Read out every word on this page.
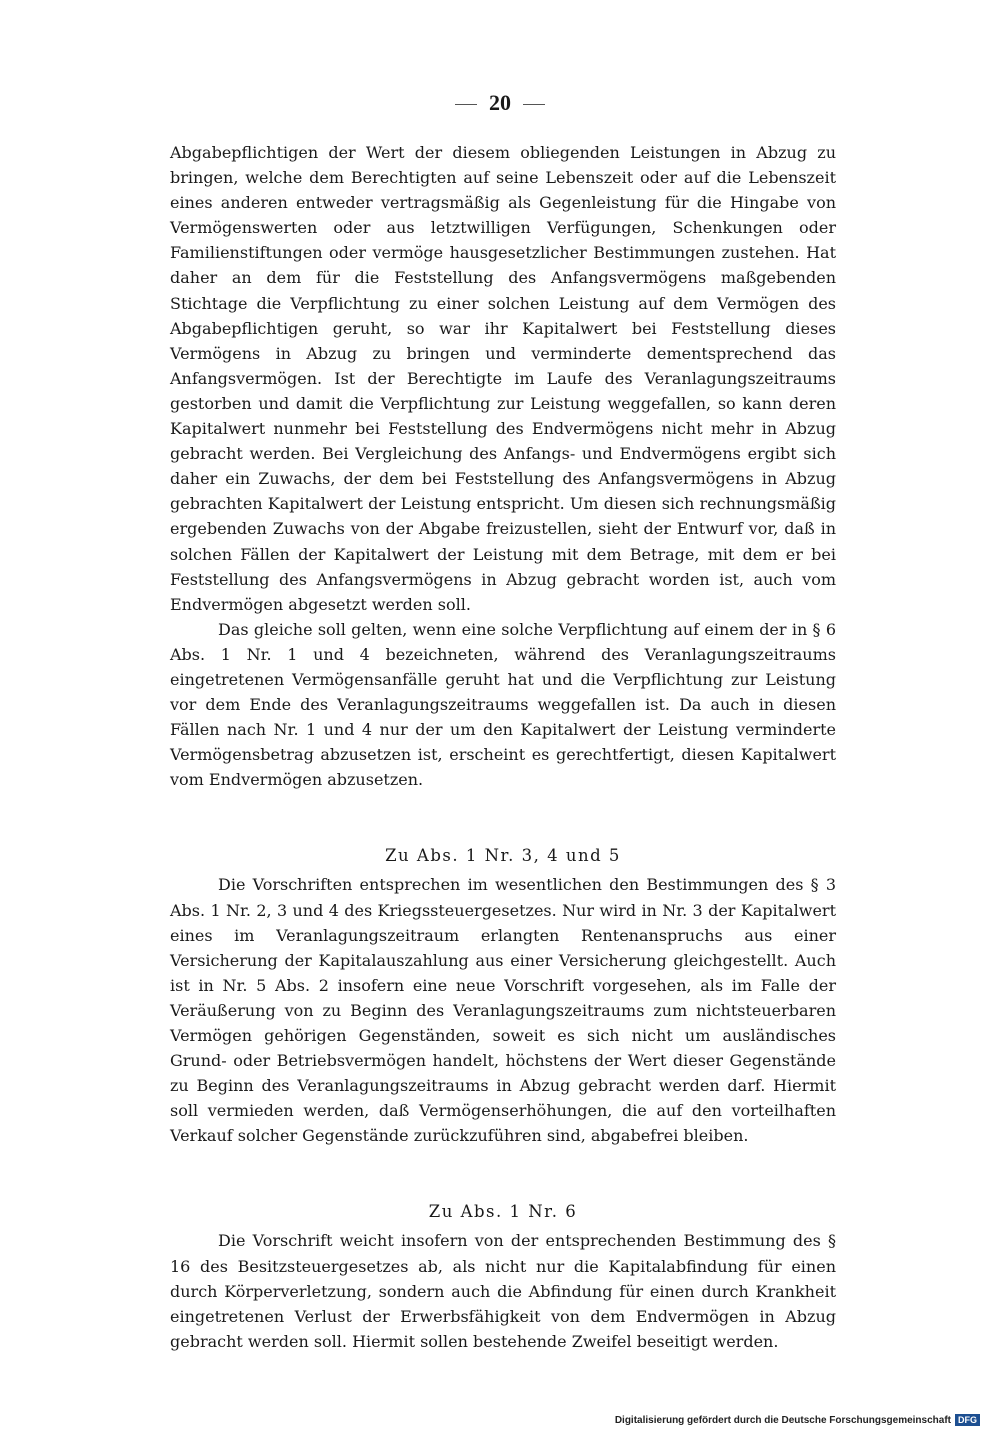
20

Abgabepflichtigen der Wert der diesem obliegenden Leistungen in Abzug zu bringen, welche dem Berechtigten auf seine Lebenszeit oder auf die Lebenszeit eines anderen entweder vertragsmäßig als Gegenleistung für die Hingabe von Vermögenswerten oder aus letztwilligen Verfügungen, Schenkungen oder Familienstiftungen oder vermöge hausgesetzlicher Bestimmungen zustehen. Hat daher an dem für die Feststellung des Anfangsvermögens maßgebenden Stichtage die Verpflichtung zu einer solchen Leistung auf dem Vermögen des Abgabepflichtigen geruht, so war ihr Kapitalwert bei Feststellung dieses Vermögens in Abzug zu bringen und verminderte dementsprechend das Anfangsvermögen. Ist der Berechtigte im Laufe des Veranlagungszeitraums gestorben und damit die Verpflichtung zur Leistung weggefallen, so kann deren Kapitalwert nunmehr bei Feststellung des Endvermögens nicht mehr in Abzug gebracht werden. Bei Vergleichung des Anfangs- und Endvermögens ergibt sich daher ein Zuwachs, der dem bei Feststellung des Anfangsvermögens in Abzug gebrachten Kapitalwert der Leistung entspricht. Um diesen sich rechnungsmäßig ergebenden Zuwachs von der Abgabe freizustellen, sieht der Entwurf vor, daß in solchen Fällen der Kapitalwert der Leistung mit dem Betrage, mit dem er bei Feststellung des Anfangsvermögens in Abzug gebracht worden ist, auch vom Endvermögen abgesetzt werden soll.

Das gleiche soll gelten, wenn eine solche Verpflichtung auf einem der in § 6 Abs. 1 Nr. 1 und 4 bezeichneten, während des Veranlagungszeitraums eingetretenen Vermögensanfälle geruht hat und die Verpflichtung zur Leistung vor dem Ende des Veranlagungszeitraums weggefallen ist. Da auch in diesen Fällen nach Nr. 1 und 4 nur der um den Kapitalwert der Leistung verminderte Vermögensbetrag abzusetzen ist, erscheint es gerechtfertigt, diesen Kapitalwert vom Endvermögen abzusetzen.

Zu Abs. 1 Nr. 3, 4 und 5

Die Vorschriften entsprechen im wesentlichen den Bestimmungen des § 3 Abs. 1 Nr. 2, 3 und 4 des Kriegssteuergesetzes. Nur wird in Nr. 3 der Kapitalwert eines im Veranlagungszeitraum erlangten Rentenanspruchs aus einer Versicherung der Kapitalauszahlung aus einer Versicherung gleichgestellt. Auch ist in Nr. 5 Abs. 2 insofern eine neue Vorschrift vorgesehen, als im Falle der Veräußerung von zu Beginn des Veranlagungszeitraums zum nichtsteuerbaren Vermögen gehörigen Gegenständen, soweit es sich nicht um ausländisches Grund- oder Betriebsvermögen handelt, höchstens der Wert dieser Gegenstände zu Beginn des Veranlagungszeitraums in Abzug gebracht werden darf. Hiermit soll vermieden werden, daß Vermögenserhöhungen, die auf den vorteilhaften Verkauf solcher Gegenstände zurückzuführen sind, abgabefrei bleiben.

Zu Abs. 1 Nr. 6

Die Vorschrift weicht insofern von der entsprechenden Bestimmung des § 16 des Besitzsteuergesetzes ab, als nicht nur die Kapitalabfindung für einen durch Körperverletzung, sondern auch die Abfindung für einen durch Krankheit eingetretenen Verlust der Erwerbsfähigkeit von dem Endvermögen in Abzug gebracht werden soll. Hiermit sollen bestehende Zweifel beseitigt werden.

Digitalisierung gefördert durch die Deutsche Forschungsgemeinschaft DFG
